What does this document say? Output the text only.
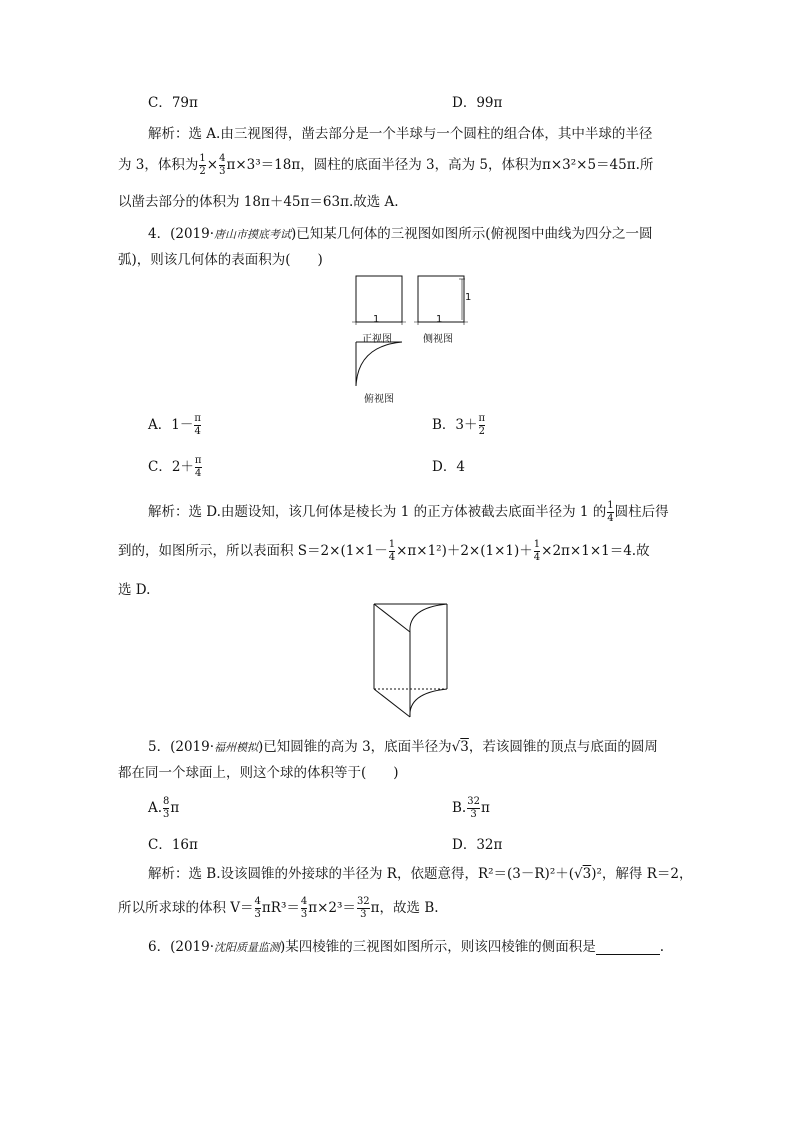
C．79π	D．99π
解析：选 A.由三视图得，凿去部分是一个半球与一个圆柱的组合体，其中半球的半径
为 3，体积为 $\frac{1}{2} \times \frac{4}{3} \pi\times 3^3=18\pi$，圆柱的底面半径为 3，高为 5，体积为π×3²×5＝45π.所
以凿去部分的体积为 18π＋45π＝63π.故选 A.
4．(2019·唐山市摸底考试)已知某几何体的三视图如图所示(俯视图中曲线为四分之一圆
弧)，则该几何体的表面积为(　　)
1	1
1
正视图	侧视图
俯视图
A．$1- \frac{\pi}{4}$	B．$3+ \frac{\pi}{2}$
C．$2+ \frac{\pi}{4}$	D．4
解析：选 D.由题设知，该几何体是棱长为 1 的正方体被截去底面半径为 1 的 $\frac{1}{4}$ 圆柱后得
到的，如图所示，所以表面积 $S=2\times(1\times 1- \frac{1}{4} \times\pi\times 1^2)+2\times(1\times 1)+ \frac{1}{4} \times 2\pi\times 1\times 1=4$.故
选 D.
5．(2019·福州模拟)已知圆锥的高为 3，底面半径为√3，若该圆锥的顶点与底面的圆周
都在同一个球面上，则这个球的体积等于(　　)
A. $\frac{8}{3}$ π	B. $\frac{32}{3}$ π
C．16π	D．32π
解析：选 B.设该圆锥的外接球的半径为 R，依题意得，R²＝(3－R)²＋(√3)²，解得 R＝2，
所以所求球的体积 $V= \frac{4}{3} \pi R^3= \frac{4}{3} \pi\times 2^3= \frac{32}{3}$ π，故选 B.
6．(2019·沈阳质量监测)某四棱锥的三视图如图所示，则该四棱锥的侧面积是	.
